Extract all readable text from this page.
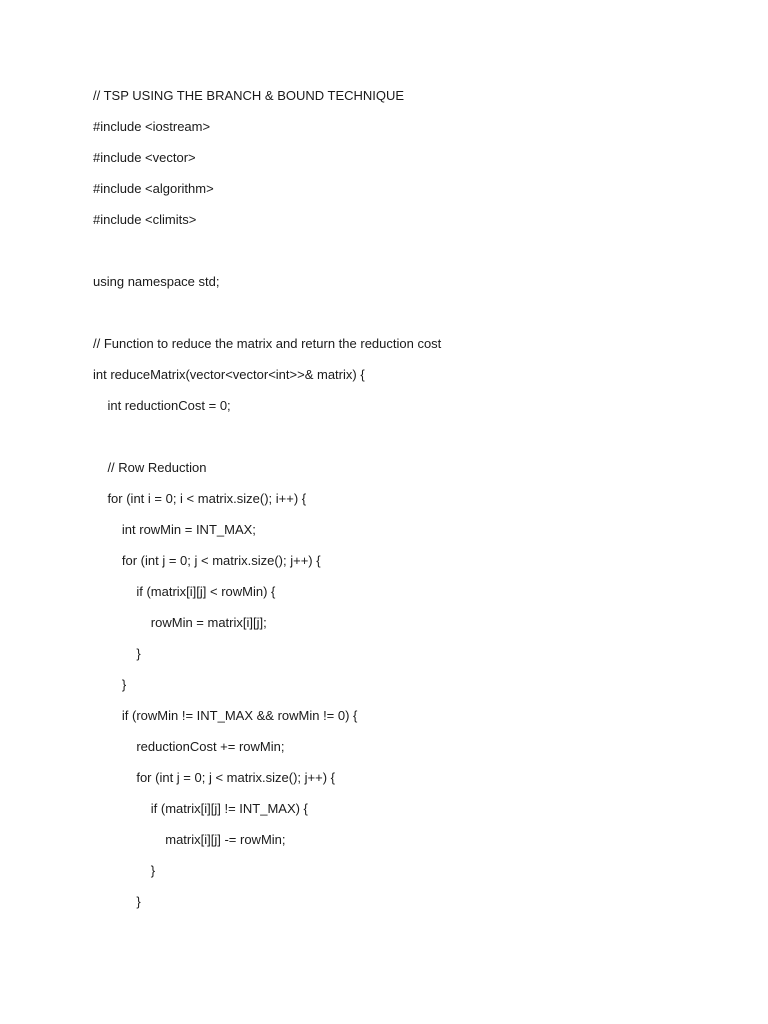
// TSP USING THE BRANCH & BOUND TECHNIQUE
#include <iostream>
#include <vector>
#include <algorithm>
#include <climits>
using namespace std;
// Function to reduce the matrix and return the reduction cost
int reduceMatrix(vector<vector<int>>& matrix) {
int reductionCost = 0;
// Row Reduction
for (int i = 0; i < matrix.size(); i++) {
int rowMin = INT_MAX;
for (int j = 0; j < matrix.size(); j++) {
if (matrix[i][j] < rowMin) {
rowMin = matrix[i][j];
}
}
if (rowMin != INT_MAX && rowMin != 0) {
reductionCost += rowMin;
for (int j = 0; j < matrix.size(); j++) {
if (matrix[i][j] != INT_MAX) {
matrix[i][j] -= rowMin;
}
}
